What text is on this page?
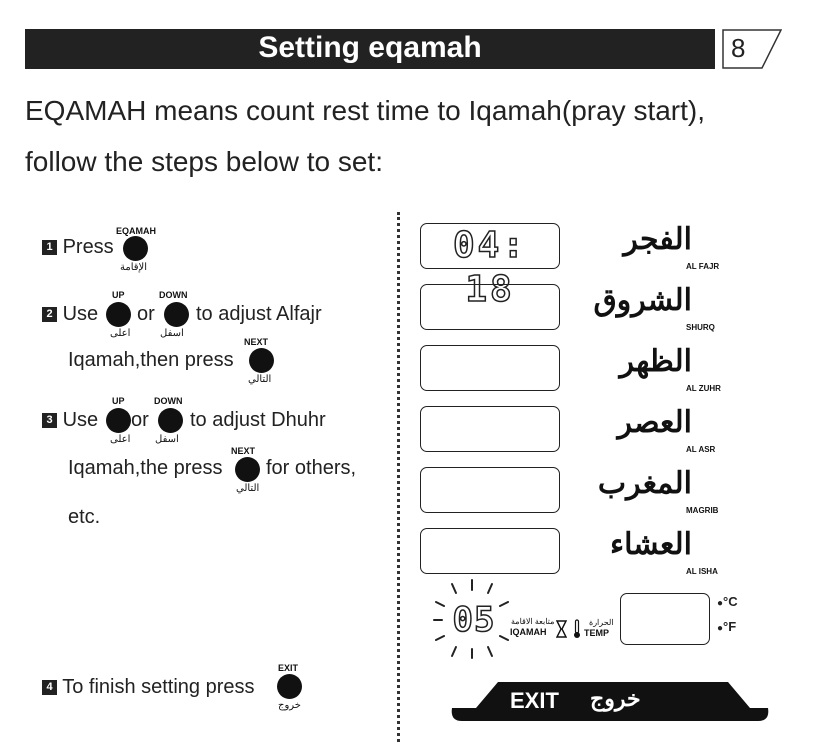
Setting eqamah	8
EQAMAH means count rest time to Iqamah(pray start),
follow the steps below to set:
1 Press
EQAMAH
الإقامة
2 Use
UP
اعلى
or
DOWN
اسفل
to adjust Alfajr
Iqamah,then press
NEXT
التالي
3 Use
UP
اعلى
or
DOWN
اسفل
to adjust Dhuhr
Iqamah,the press
NEXT
التالي
for others,
etc.
4 To finish setting press
EXIT
خروج
04: 18
الفجر
AL FAJR
الشروق
SHURQ
الظهر
AL ZUHR
العصر
AL ASR
المغرب
MAGRIB
العشاء
AL ISHA
05	متابعة الاقامة
IQAMAH
الحرارة
TEMP
●°C
●°F
EXIT خروج
